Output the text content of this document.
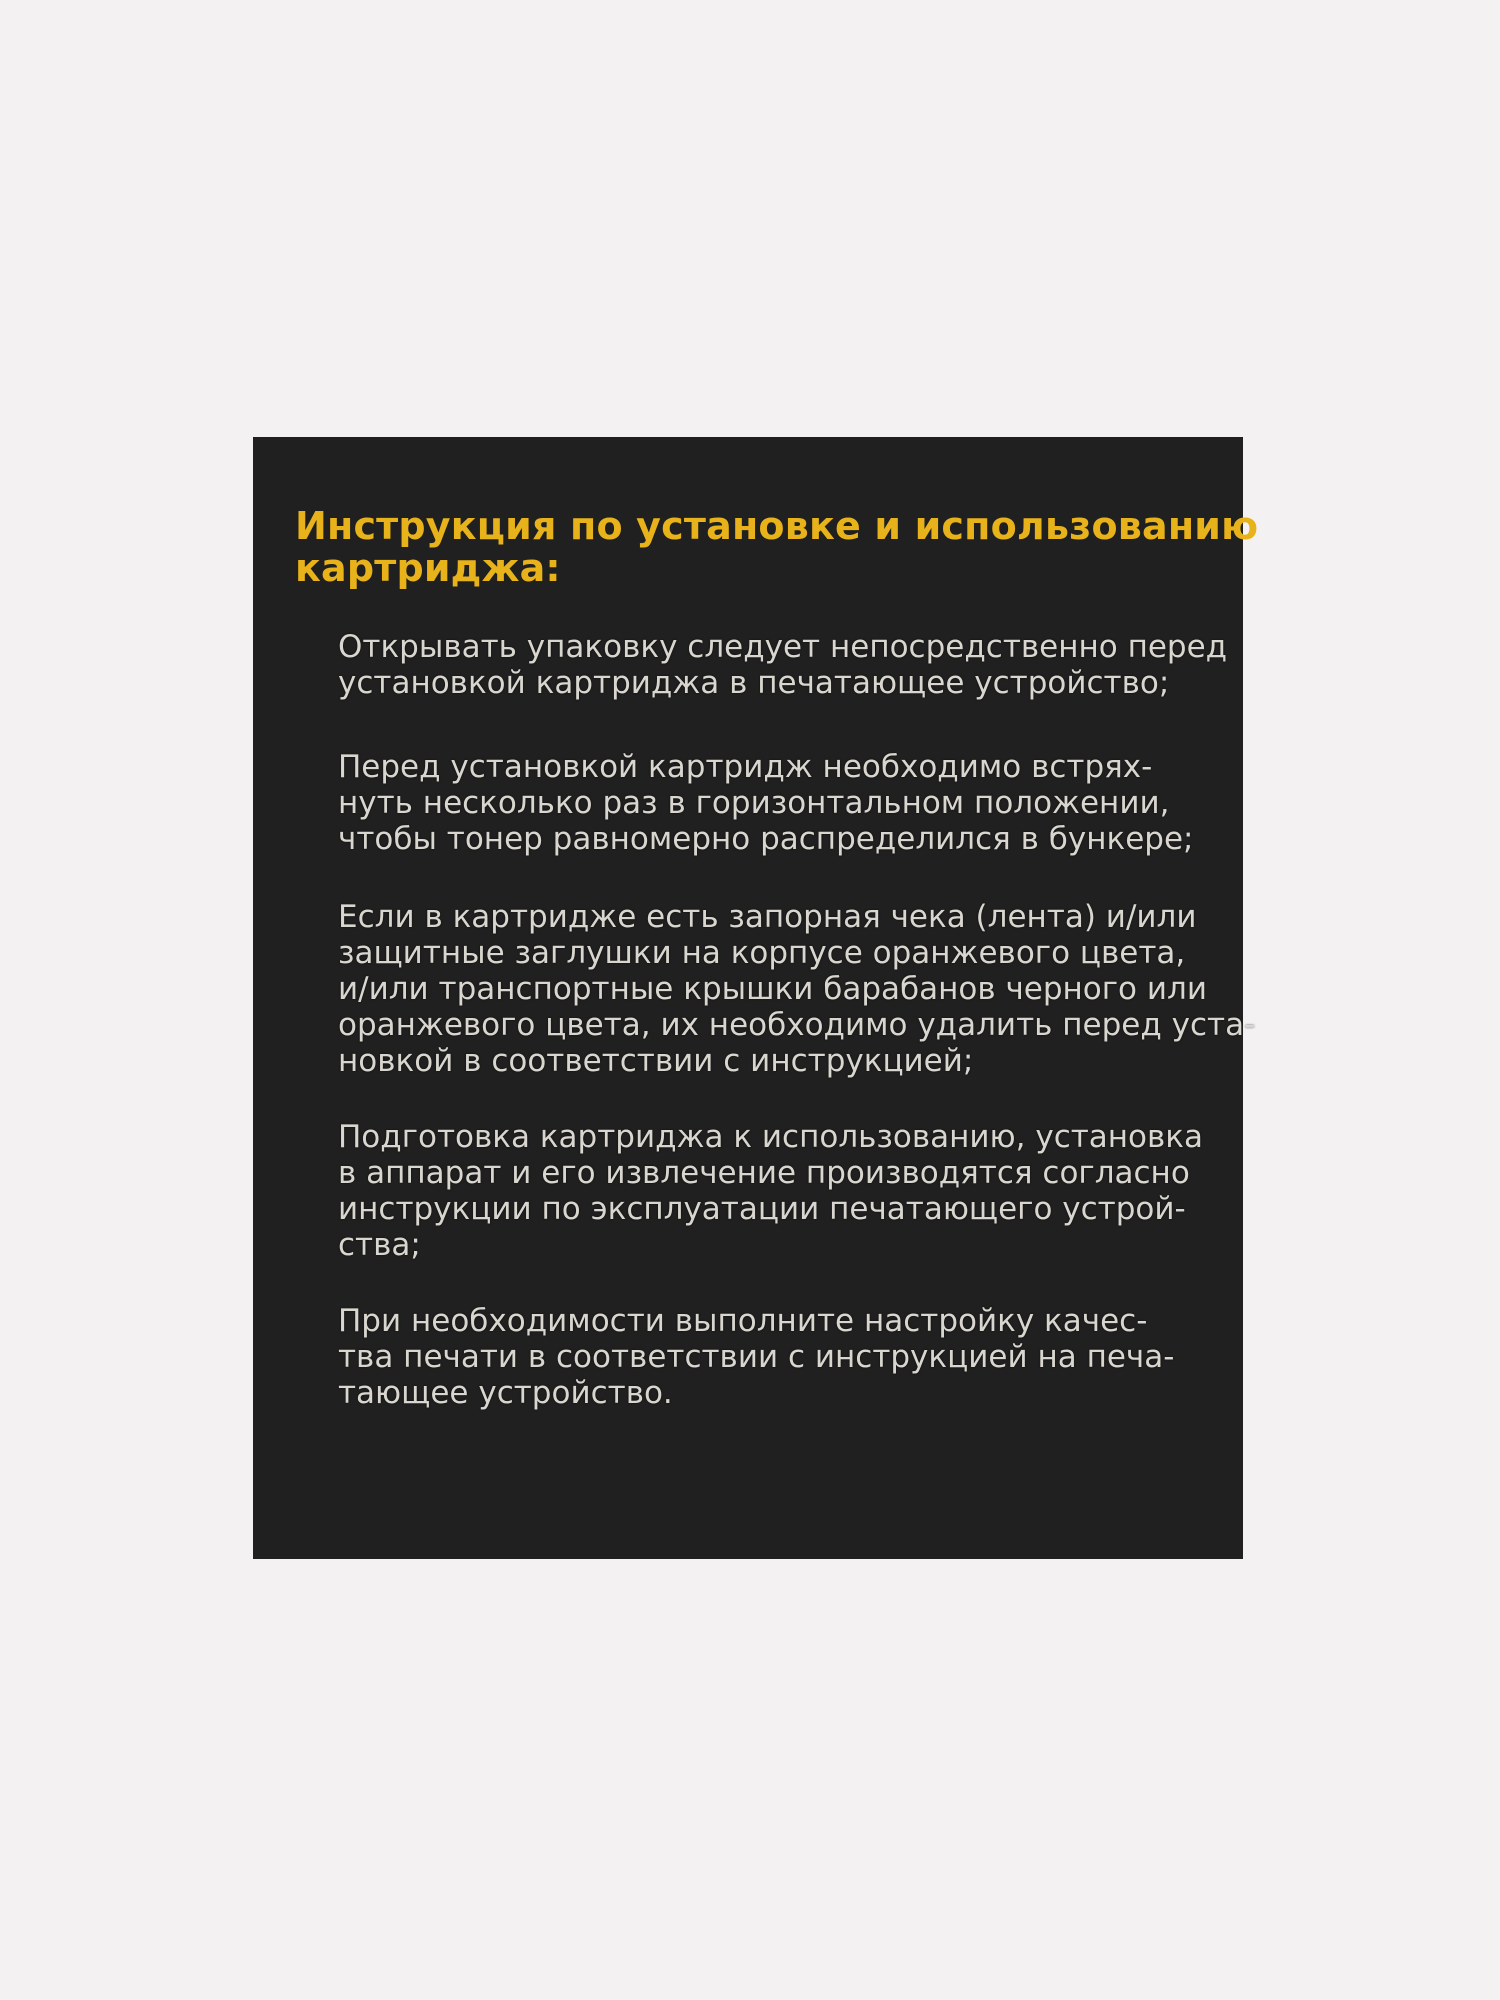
Инструкция по установке и использованию
картриджа:

Открывать упаковку следует непосредственно перед
установкой картриджа в печатающее устройство;

Перед установкой картридж необходимо встрях-
нуть несколько раз в горизонтальном положении,
чтобы тонер равномерно распределился в бункере;

Если в картридже есть запорная чека (лента) и/или
защитные заглушки на корпусе оранжевого цвета,
и/или транспортные крышки барабанов черного или
оранжевого цвета, их необходимо удалить перед уста-
новкой в соответствии с инструкцией;

Подготовка картриджа к использованию, установка
в аппарат и его извлечение производятся согласно
инструкции по эксплуатации печатающего устрой-
ства;

При необходимости выполните настройку качес-
тва печати в соответствии с инструкцией на печа-
тающее устройство.
